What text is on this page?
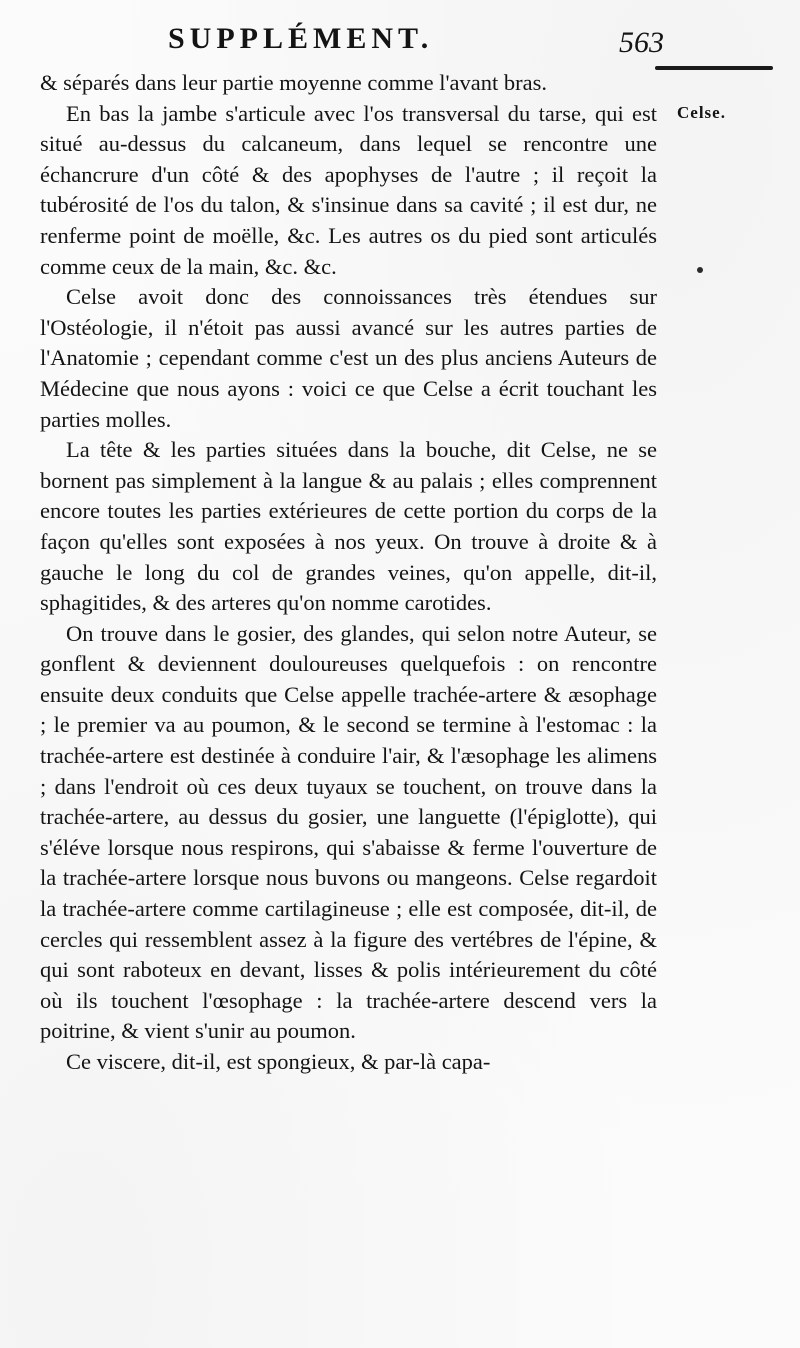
SUPPLÉMENT.	563
Celse.

& séparés dans leur partie moyenne comme l'avant bras.

En bas la jambe s'articule avec l'os transversal du tarse, qui est situé au-dessus du calcaneum, dans lequel se rencontre une échancrure d'un côté & des apophyses de l'autre ; il reçoit la tubérosité de l'os du talon, & s'insinue dans sa cavité ; il est dur, ne renferme point de moëlle, &c. Les autres os du pied sont articulés comme ceux de la main, &c. &c.

Celse avoit donc des connoissances très étendues sur l'Ostéologie, il n'étoit pas aussi avancé sur les autres parties de l'Anatomie ; cependant comme c'est un des plus anciens Auteurs de Médecine que nous ayons : voici ce que Celse a écrit touchant les parties molles.

La tête & les parties situées dans la bouche, dit Celse, ne se bornent pas simplement à la langue & au palais ; elles comprennent encore toutes les parties extérieures de cette portion du corps de la façon qu'elles sont exposées à nos yeux. On trouve à droite & à gauche le long du col de grandes veines, qu'on appelle, dit-il, sphagitides, & des arteres qu'on nomme carotides.

On trouve dans le gosier, des glandes, qui selon notre Auteur, se gonflent & deviennent douloureuses quelquefois : on rencontre ensuite deux conduits que Celse appelle trachée-artere & æsophage ; le premier va au poumon, & le second se termine à l'estomac : la trachée-artere est destinée à conduire l'air, & l'æsophage les alimens ; dans l'endroit où ces deux tuyaux se touchent, on trouve dans la trachée-artere, au dessus du gosier, une languette (l'épiglotte), qui s'éléve lorsque nous respirons, qui s'abaisse & ferme l'ouverture de la trachée-artere lorsque nous buvons ou mangeons. Celse regardoit la trachée-artere comme cartilagineuse ; elle est composée, dit-il, de cercles qui ressemblent assez à la figure des vertébres de l'épine, & qui sont raboteux en devant, lisses & polis intérieurement du côté où ils touchent l'œsophage : la trachée-artere descend vers la poitrine, & vient s'unir au poumon.

Ce viscere, dit-il, est spongieux, & par-là capa-
